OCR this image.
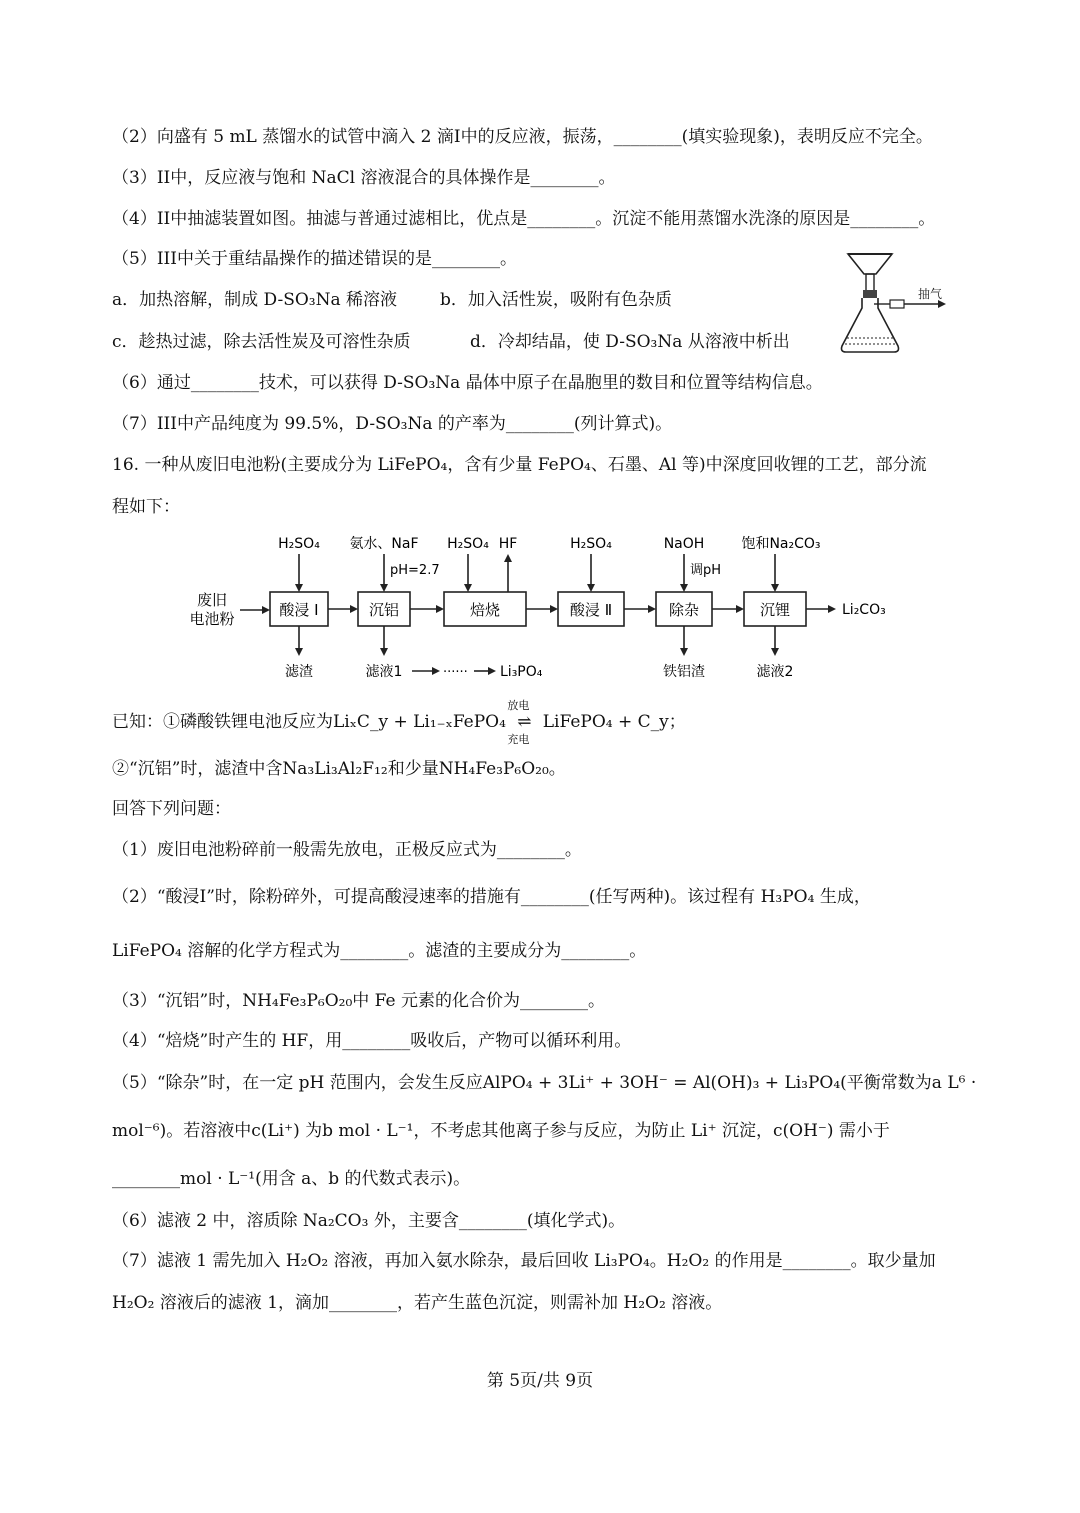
（2）向盛有 5 mL 蒸馏水的试管中滴入 2 滴I中的反应液，振荡，________(填实验现象)，表明反应不完全。
（3）II中，反应液与饱和 NaCl 溶液混合的具体操作是________。
（4）II中抽滤装置如图。抽滤与普通过滤相比，优点是________。沉淀不能用蒸馏水洗涤的原因是________。
（5）III中关于重结晶操作的描述错误的是________。
a．加热溶解，制成 D-SO₃Na 稀溶液	b．加入活性炭，吸附有色杂质
c．趁热过滤，除去活性炭及可溶性杂质	d．冷却结晶，使 D-SO₃Na 从溶液中析出
（6）通过________技术，可以获得 D-SO₃Na 晶体中原子在晶胞里的数目和位置等结构信息。
（7）III中产品纯度为 99.5%，D-SO₃Na 的产率为________(列计算式)。
16. 一种从废旧电池粉(主要成分为 LiFePO₄，含有少量 FePO₄、石墨、Al 等)中深度回收锂的工艺，部分流
程如下：
抽气
废旧
电池粉	酸浸 Ⅰ	沉铝	焙烧	酸浸 Ⅱ	除杂	沉锂	Li₂CO₃
H₂SO₄ 氨水、NaF
pH=2.7
H₂SO₄ HF	H₂SO₄	NaOH
调pH
饱和Na₂CO₃
滤渣	滤液1	······ Li₃PO₄	铁铝渣	滤液2
已知：①磷酸铁锂电池反应为LiₓC_y + Li₁₋ₓFePO₄
放电
⇌
充电
LiFePO₄ + C_y；
②“沉铝”时，滤渣中含Na₃Li₃Al₂F₁₂和少量NH₄Fe₃P₆O₂₀。
回答下列问题：
（1）废旧电池粉碎前一般需先放电，正极反应式为________。
（2）“酸浸I”时，除粉碎外，可提高酸浸速率的措施有________(任写两种)。该过程有 H₃PO₄ 生成，
LiFePO₄ 溶解的化学方程式为________。滤渣的主要成分为________。
（3）“沉铝”时，NH₄Fe₃P₆O₂₀中 Fe 元素的化合价为________。
（4）“焙烧”时产生的 HF，用________吸收后，产物可以循环利用。
（5）“除杂”时，在一定 pH 范围内，会发生反应AlPO₄ + 3Li⁺ + 3OH⁻ = Al(OH)₃ + Li₃PO₄(平衡常数为a L⁶ ·
mol⁻⁶)。若溶液中c(Li⁺) 为b mol · L⁻¹，不考虑其他离子参与反应，为防止 Li⁺ 沉淀，c(OH⁻) 需小于
________mol · L⁻¹(用含 a、b 的代数式表示)。
（6）滤液 2 中，溶质除 Na₂CO₃ 外，主要含________(填化学式)。
（7）滤液 1 需先加入 H₂O₂ 溶液，再加入氨水除杂，最后回收 Li₃PO₄。H₂O₂ 的作用是________。取少量加
H₂O₂ 溶液后的滤液 1，滴加________，若产生蓝色沉淀，则需补加 H₂O₂ 溶液。
第 5页/共 9页
